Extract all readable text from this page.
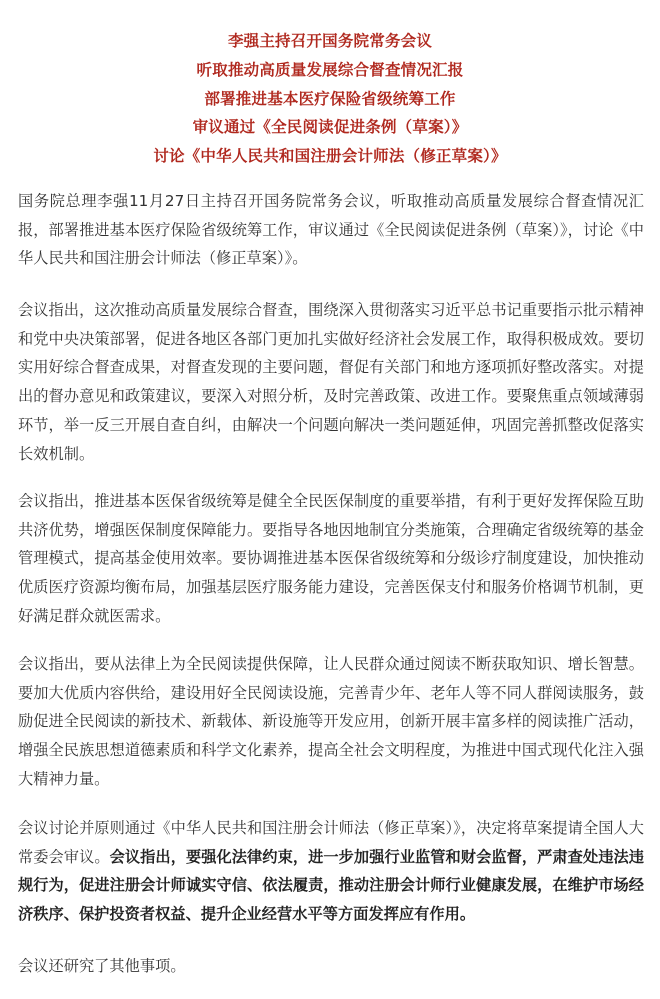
李强主持召开国务院常务会议
听取推动高质量发展综合督查情况汇报
部署推进基本医疗保险省级统筹工作
审议通过《全民阅读促进条例（草案）》
讨论《中华人民共和国注册会计师法（修正草案）》

国务院总理李强11月27日主持召开国务院常务会议，听取推动高质量发展综合督查情况汇报，部署推进基本医疗保险省级统筹工作，审议通过《全民阅读促进条例（草案）》，讨论《中华人民共和国注册会计师法（修正草案）》。

会议指出，这次推动高质量发展综合督查，围绕深入贯彻落实习近平总书记重要指示批示精神和党中央决策部署，促进各地区各部门更加扎实做好经济社会发展工作，取得积极成效。要切实用好综合督查成果，对督查发现的主要问题，督促有关部门和地方逐项抓好整改落实。对提出的督办意见和政策建议，要深入对照分析，及时完善政策、改进工作。要聚焦重点领域薄弱环节，举一反三开展自查自纠，由解决一个问题向解决一类问题延伸，巩固完善抓整改促落实长效机制。

会议指出，推进基本医保省级统筹是健全全民医保制度的重要举措，有利于更好发挥保险互助共济优势，增强医保制度保障能力。要指导各地因地制宜分类施策，合理确定省级统筹的基金管理模式，提高基金使用效率。要协调推进基本医保省级统筹和分级诊疗制度建设，加快推动优质医疗资源均衡布局，加强基层医疗服务能力建设，完善医保支付和服务价格调节机制，更好满足群众就医需求。

会议指出，要从法律上为全民阅读提供保障，让人民群众通过阅读不断获取知识、增长智慧。要加大优质内容供给，建设用好全民阅读设施，完善青少年、老年人等不同人群阅读服务，鼓励促进全民阅读的新技术、新载体、新设施等开发应用，创新开展丰富多样的阅读推广活动，增强全民族思想道德素质和科学文化素养，提高全社会文明程度，为推进中国式现代化注入强大精神力量。

会议讨论并原则通过《中华人民共和国注册会计师法（修正草案）》，决定将草案提请全国人大常委会审议。会议指出，要强化法律约束，进一步加强行业监管和财会监督，严肃查处违法违规行为，促进注册会计师诚实守信、依法履责，推动注册会计师行业健康发展，在维护市场经济秩序、保护投资者权益、提升企业经营水平等方面发挥应有作用。

会议还研究了其他事项。
